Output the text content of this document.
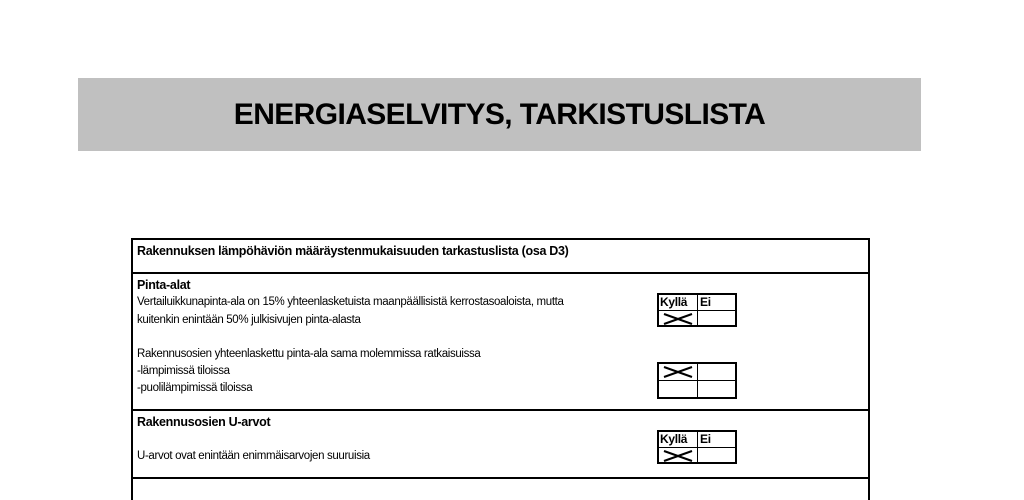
ENERGIASELVITYS, TARKISTUSLISTA
Rakennuksen lämpöhäviön määräystenmukaisuuden tarkastuslista (osa D3)
Pinta-alat
Vertailuikkunapinta-ala on 15% yhteenlasketuista maanpäällisistä kerrostasoaloista, mutta
kuitenkin enintään 50% julkisivujen pinta-alasta
Kyllä Ei
Rakennusosien yhteenlaskettu pinta-ala sama molemmissa ratkaisuissa
-lämpimissä tiloissa
-puolilämpimissä tiloissa
Rakennusosien U-arvot
U-arvot ovat enintään enimmäisarvojen suuruisia
Kyllä Ei
